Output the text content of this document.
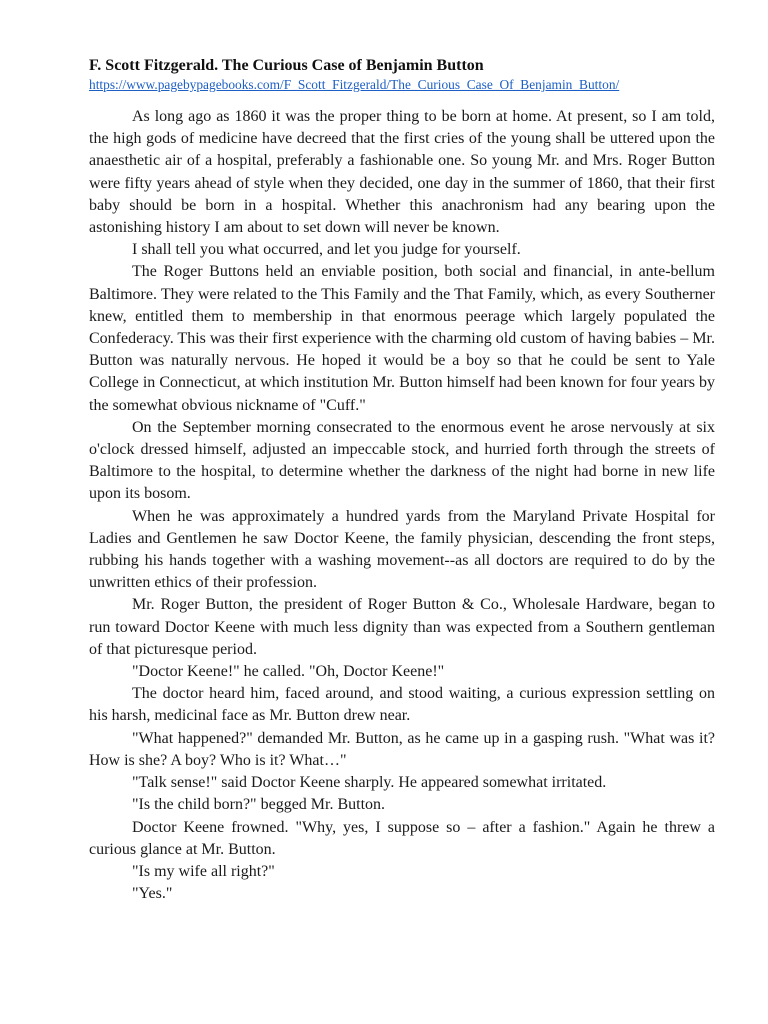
F. Scott Fitzgerald. The Curious Case of Benjamin Button
https://www.pagebypagebooks.com/F_Scott_Fitzgerald/The_Curious_Case_Of_Benjamin_Button/

As long ago as 1860 it was the proper thing to be born at home. At present, so I am told, the high gods of medicine have decreed that the first cries of the young shall be uttered upon the anaesthetic air of a hospital, preferably a fashionable one. So young Mr. and Mrs. Roger Button were fifty years ahead of style when they decided, one day in the summer of 1860, that their first baby should be born in a hospital. Whether this anachronism had any bearing upon the astonishing history I am about to set down will never be known.

I shall tell you what occurred, and let you judge for yourself.

The Roger Buttons held an enviable position, both social and financial, in ante-bellum Baltimore. They were related to the This Family and the That Family, which, as every Southerner knew, entitled them to membership in that enormous peerage which largely populated the Confederacy. This was their first experience with the charming old custom of having babies – Mr. Button was naturally nervous. He hoped it would be a boy so that he could be sent to Yale College in Connecticut, at which institution Mr. Button himself had been known for four years by the somewhat obvious nickname of "Cuff."

On the September morning consecrated to the enormous event he arose nervously at six o'clock dressed himself, adjusted an impeccable stock, and hurried forth through the streets of Baltimore to the hospital, to determine whether the darkness of the night had borne in new life upon its bosom.

When he was approximately a hundred yards from the Maryland Private Hospital for Ladies and Gentlemen he saw Doctor Keene, the family physician, descending the front steps, rubbing his hands together with a washing movement--as all doctors are required to do by the unwritten ethics of their profession.

Mr. Roger Button, the president of Roger Button & Co., Wholesale Hardware, began to run toward Doctor Keene with much less dignity than was expected from a Southern gentleman of that picturesque period.

"Doctor Keene!" he called. "Oh, Doctor Keene!"

The doctor heard him, faced around, and stood waiting, a curious expression settling on his harsh, medicinal face as Mr. Button drew near.

"What happened?" demanded Mr. Button, as he came up in a gasping rush. "What was it? How is she? A boy? Who is it? What…"

"Talk sense!" said Doctor Keene sharply. He appeared somewhat irritated.

"Is the child born?" begged Mr. Button.

Doctor Keene frowned. "Why, yes, I suppose so – after a fashion." Again he threw a curious glance at Mr. Button.

"Is my wife all right?"

"Yes."
